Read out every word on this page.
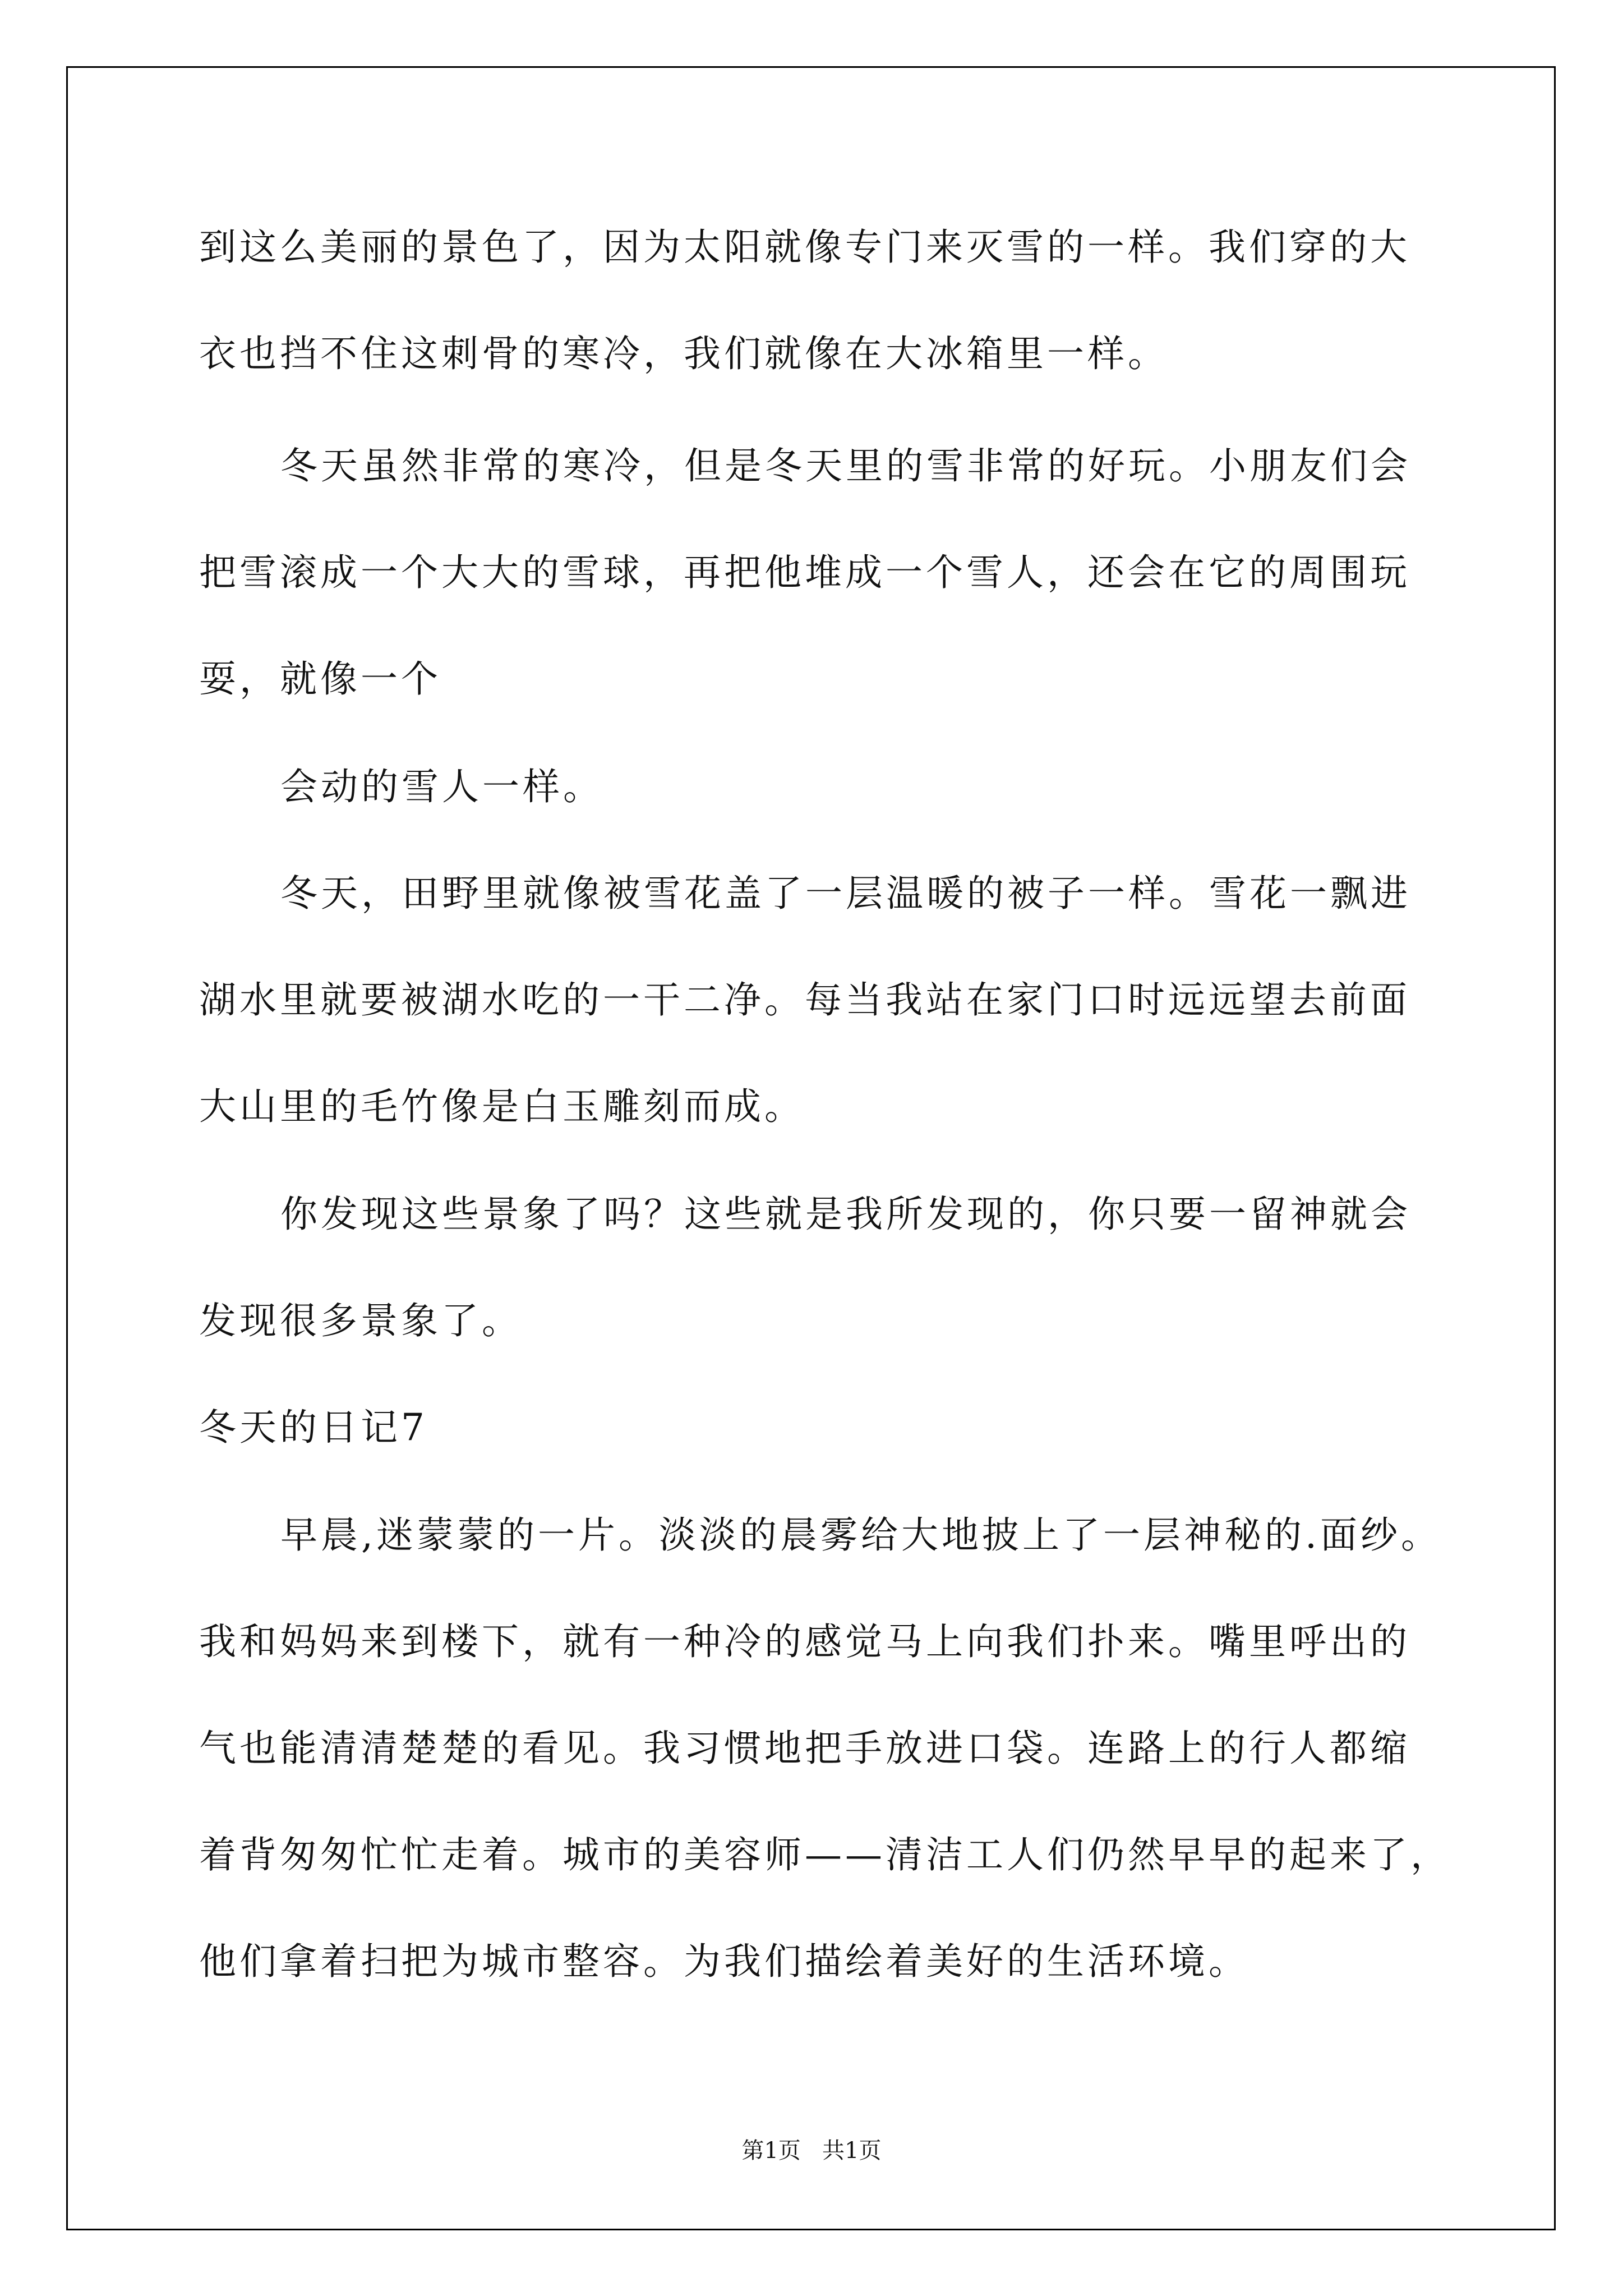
到这么美丽的景色了，因为太阳就像专门来灭雪的一样。我们穿的大
衣也挡不住这刺骨的寒冷，我们就像在大冰箱里一样。
冬天虽然非常的寒冷，但是冬天里的雪非常的好玩。小朋友们会
把雪滚成一个大大的雪球，再把他堆成一个雪人，还会在它的周围玩
耍，就像一个
会动的雪人一样。
冬天，田野里就像被雪花盖了一层温暖的被子一样。雪花一飘进
湖水里就要被湖水吃的一干二净。每当我站在家门口时远远望去前面
大山里的毛竹像是白玉雕刻而成。
你发现这些景象了吗？这些就是我所发现的，你只要一留神就会
发现很多景象了。
冬天的日记7
早晨,迷蒙蒙的一片。淡淡的晨雾给大地披上了一层神秘的.面纱。
我和妈妈来到楼下，就有一种冷的感觉马上向我们扑来。嘴里呼出的
气也能清清楚楚的看见。我习惯地把手放进口袋。连路上的行人都缩
着背匆匆忙忙走着。城市的美容师——清洁工人们仍然早早的起来了，
他们拿着扫把为城市整容。为我们描绘着美好的生活环境。
第1页   共1页
